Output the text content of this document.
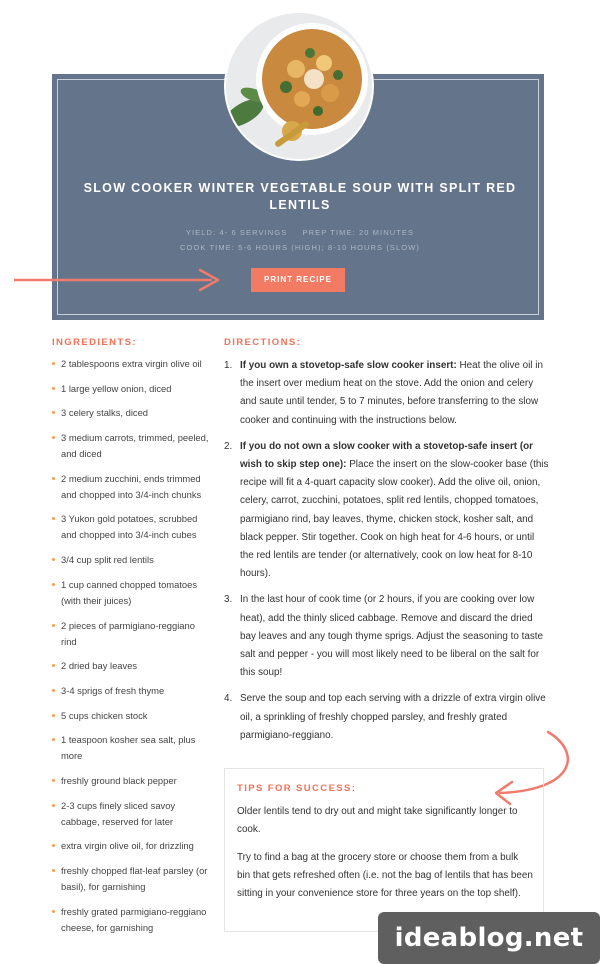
SLOW COOKER WINTER VEGETABLE SOUP WITH SPLIT RED LENTILS
YIELD: 4- 6 SERVINGS PREP TIME: 20 MINUTES
COOK TIME: 5-6 HOURS (HIGH); 8-10 HOURS (SLOW)
PRINT RECIPE
INGREDIENTS:
2 tablespoons extra virgin olive oil
1 large yellow onion, diced
3 celery stalks, diced
3 medium carrots, trimmed, peeled, and diced
2 medium zucchini, ends trimmed and chopped into 3/4-inch chunks
3 Yukon gold potatoes, scrubbed and chopped into 3/4-inch cubes
3/4 cup split red lentils
1 cup canned chopped tomatoes (with their juices)
2 pieces of parmigiano-reggiano rind
2 dried bay leaves
3-4 sprigs of fresh thyme
5 cups chicken stock
1 teaspoon kosher sea salt, plus more
freshly ground black pepper
2-3 cups finely sliced savoy cabbage, reserved for later
extra virgin olive oil, for drizzling
freshly chopped flat-leaf parsley (or basil), for garnishing
freshly grated parmigiano-reggiano cheese, for garnishing
DIRECTIONS:
1. If you own a stovetop-safe slow cooker insert: Heat the olive oil in the insert over medium heat on the stove. Add the onion and celery and saute until tender, 5 to 7 minutes, before transferring to the slow cooker and continuing with the instructions below.
2. If you do not own a slow cooker with a stovetop-safe insert (or wish to skip step one): Place the insert on the slow-cooker base (this recipe will fit a 4-quart capacity slow cooker). Add the olive oil, onion, celery, carrot, zucchini, potatoes, split red lentils, chopped tomatoes, parmigiano rind, bay leaves, thyme, chicken stock, kosher salt, and black pepper. Stir together. Cook on high heat for 4-6 hours, or until the red lentils are tender (or alternatively, cook on low heat for 8-10 hours).
3. In the last hour of cook time (or 2 hours, if you are cooking over low heat), add the thinly sliced cabbage. Remove and discard the dried bay leaves and any tough thyme sprigs. Adjust the seasoning to taste salt and pepper - you will most likely need to be liberal on the salt for this soup!
4. Serve the soup and top each serving with a drizzle of extra virgin olive oil, a sprinkling of freshly chopped parsley, and freshly grated parmigiano-reggiano.
TIPS FOR SUCCESS:

Older lentils tend to dry out and might take significantly longer to cook.

Try to find a bag at the grocery store or choose them from a bulk bin that gets refreshed often (i.e. not the bag of lentils that has been sitting in your convenience store for three years on the top shelf).

ideablog.net
